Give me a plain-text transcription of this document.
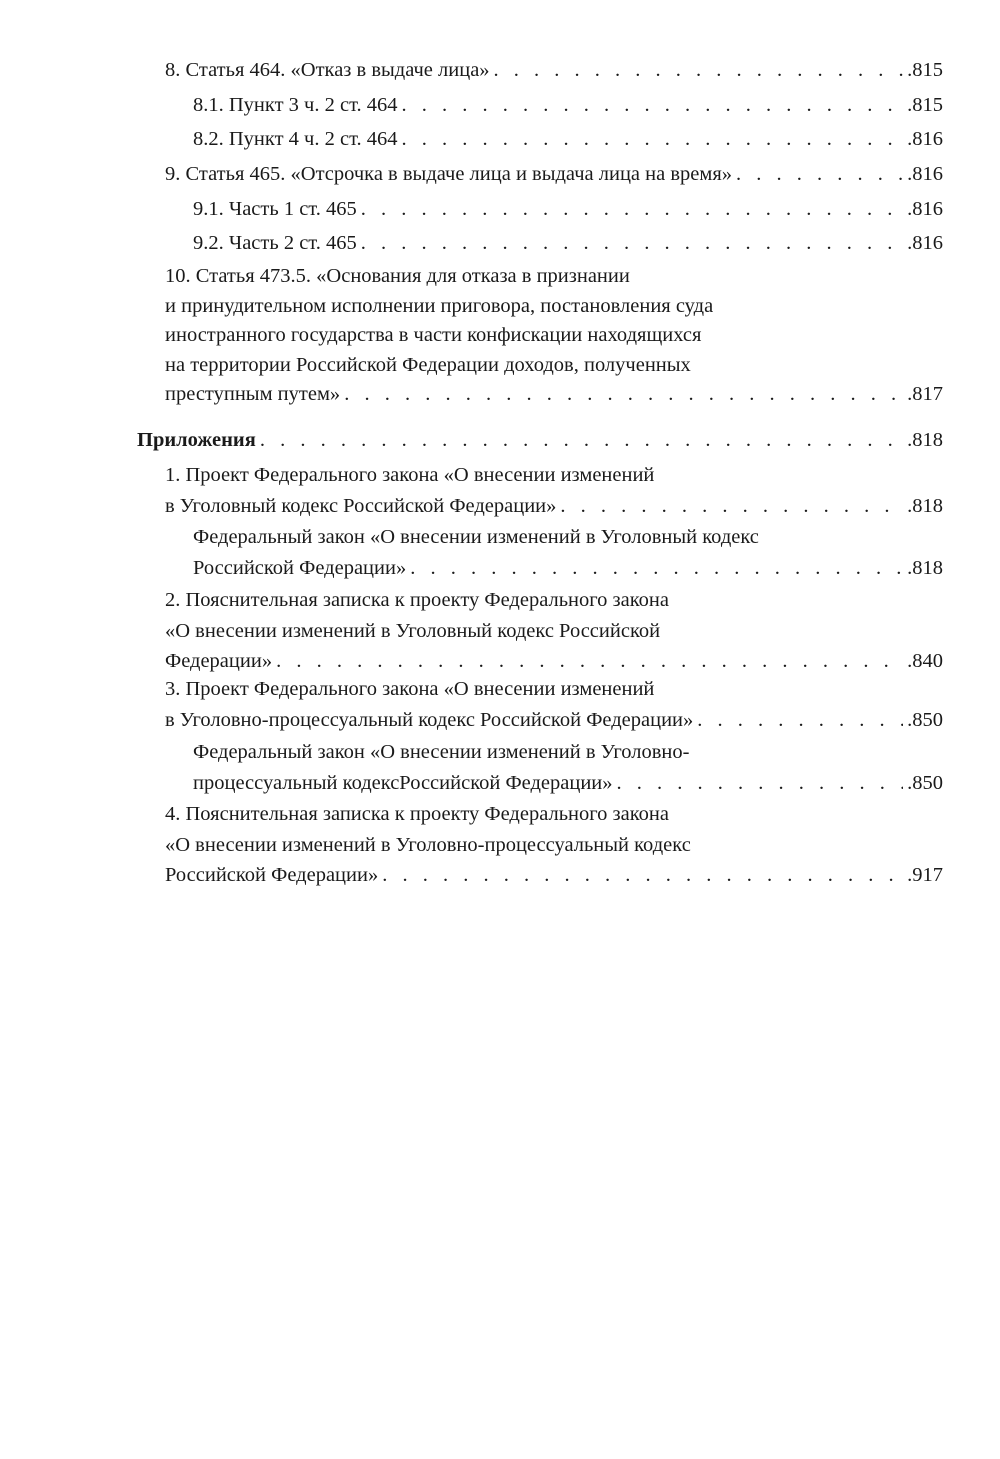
8. Статья 464. «Отказ в выдаче лица» . . .	.815
8.1. Пункт 3 ч. 2 ст. 464 . . .	.815
8.2. Пункт 4 ч. 2 ст. 464 . . .	.816
9. Статья 465. «Отсрочка в выдаче лица и выдача лица на время» . . .	.816
9.1. Часть 1 ст. 465 . . .	.816
9.2. Часть 2 ст. 465 . . .	.816
10. Статья 473.5. «Основания для отказа в признании
и принудительном исполнении приговора, постановления суда
иностранного государства в части конфискации находящихся
на территории Российской Федерации доходов, полученных
преступным путем» . . .	.817
Приложения . . .	.818
1. Проект Федерального закона «О внесении изменений
в Уголовный кодекс Российской Федерации» . . .	.818
Федеральный закон «О внесении изменений в Уголовный кодекс
Российской Федерации» . . .	.818
2. Пояснительная записка к проекту Федерального закона
«О внесении изменений в Уголовный кодекс Российской
Федерации» . . .	.840
3. Проект Федерального закона «О внесении изменений
в Уголовно-процессуальный кодекс Российской Федерации» . . .	.850
Федеральный закон «О внесении изменений в Уголовно-
процессуальный кодексРоссийской Федерации» . . .	.850
4. Пояснительная записка к проекту Федерального закона
«О внесении изменений в Уголовно-процессуальный кодекс
Российской Федерации» . . .	.917
